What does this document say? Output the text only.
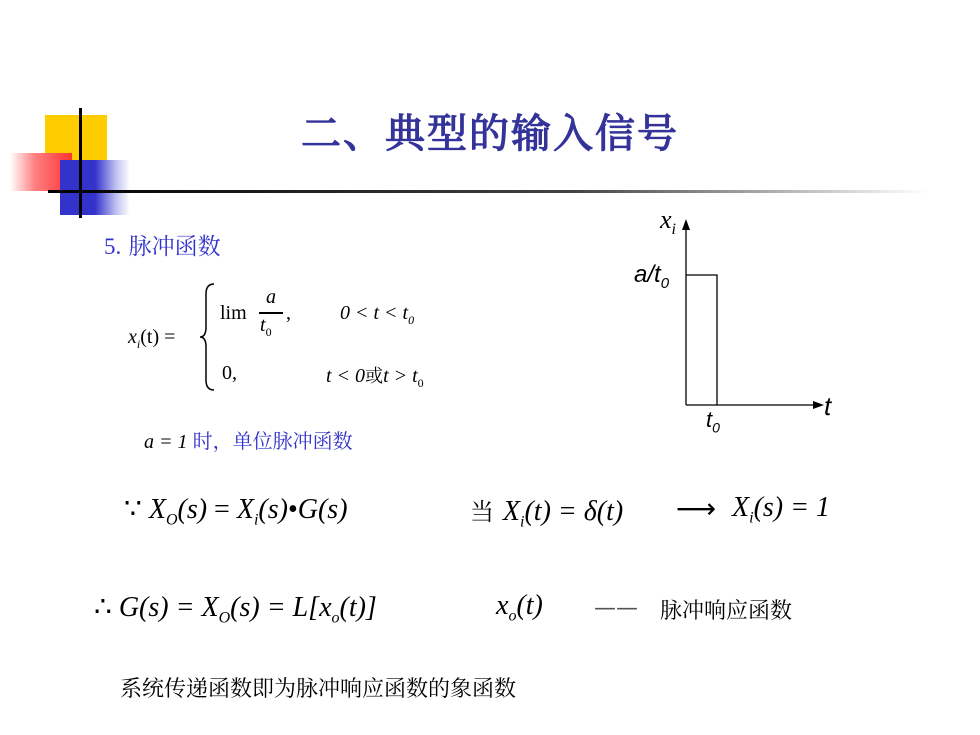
二、典型的输入信号
5. 脉冲函数
$x_i(t)$ =
lim
a
$t_0$
, $0 < t < t_0$
0,	t < 0或$t > t_0$
a = 1 时，单位脉冲函数
$x_i$
$a/t_0$
t
$t_0$
∵ $X_O(s)$ = $X_i(s)•G(s)$	当 $X_i(t) = \delta(t)$ ⟶ $X_i(s) = 1$
∴ $G(s) = X_O(s) = L[x_o(t)]$	$x_o(t)$ —— 脉冲响应函数
系统传递函数即为脉冲响应函数的象函数
